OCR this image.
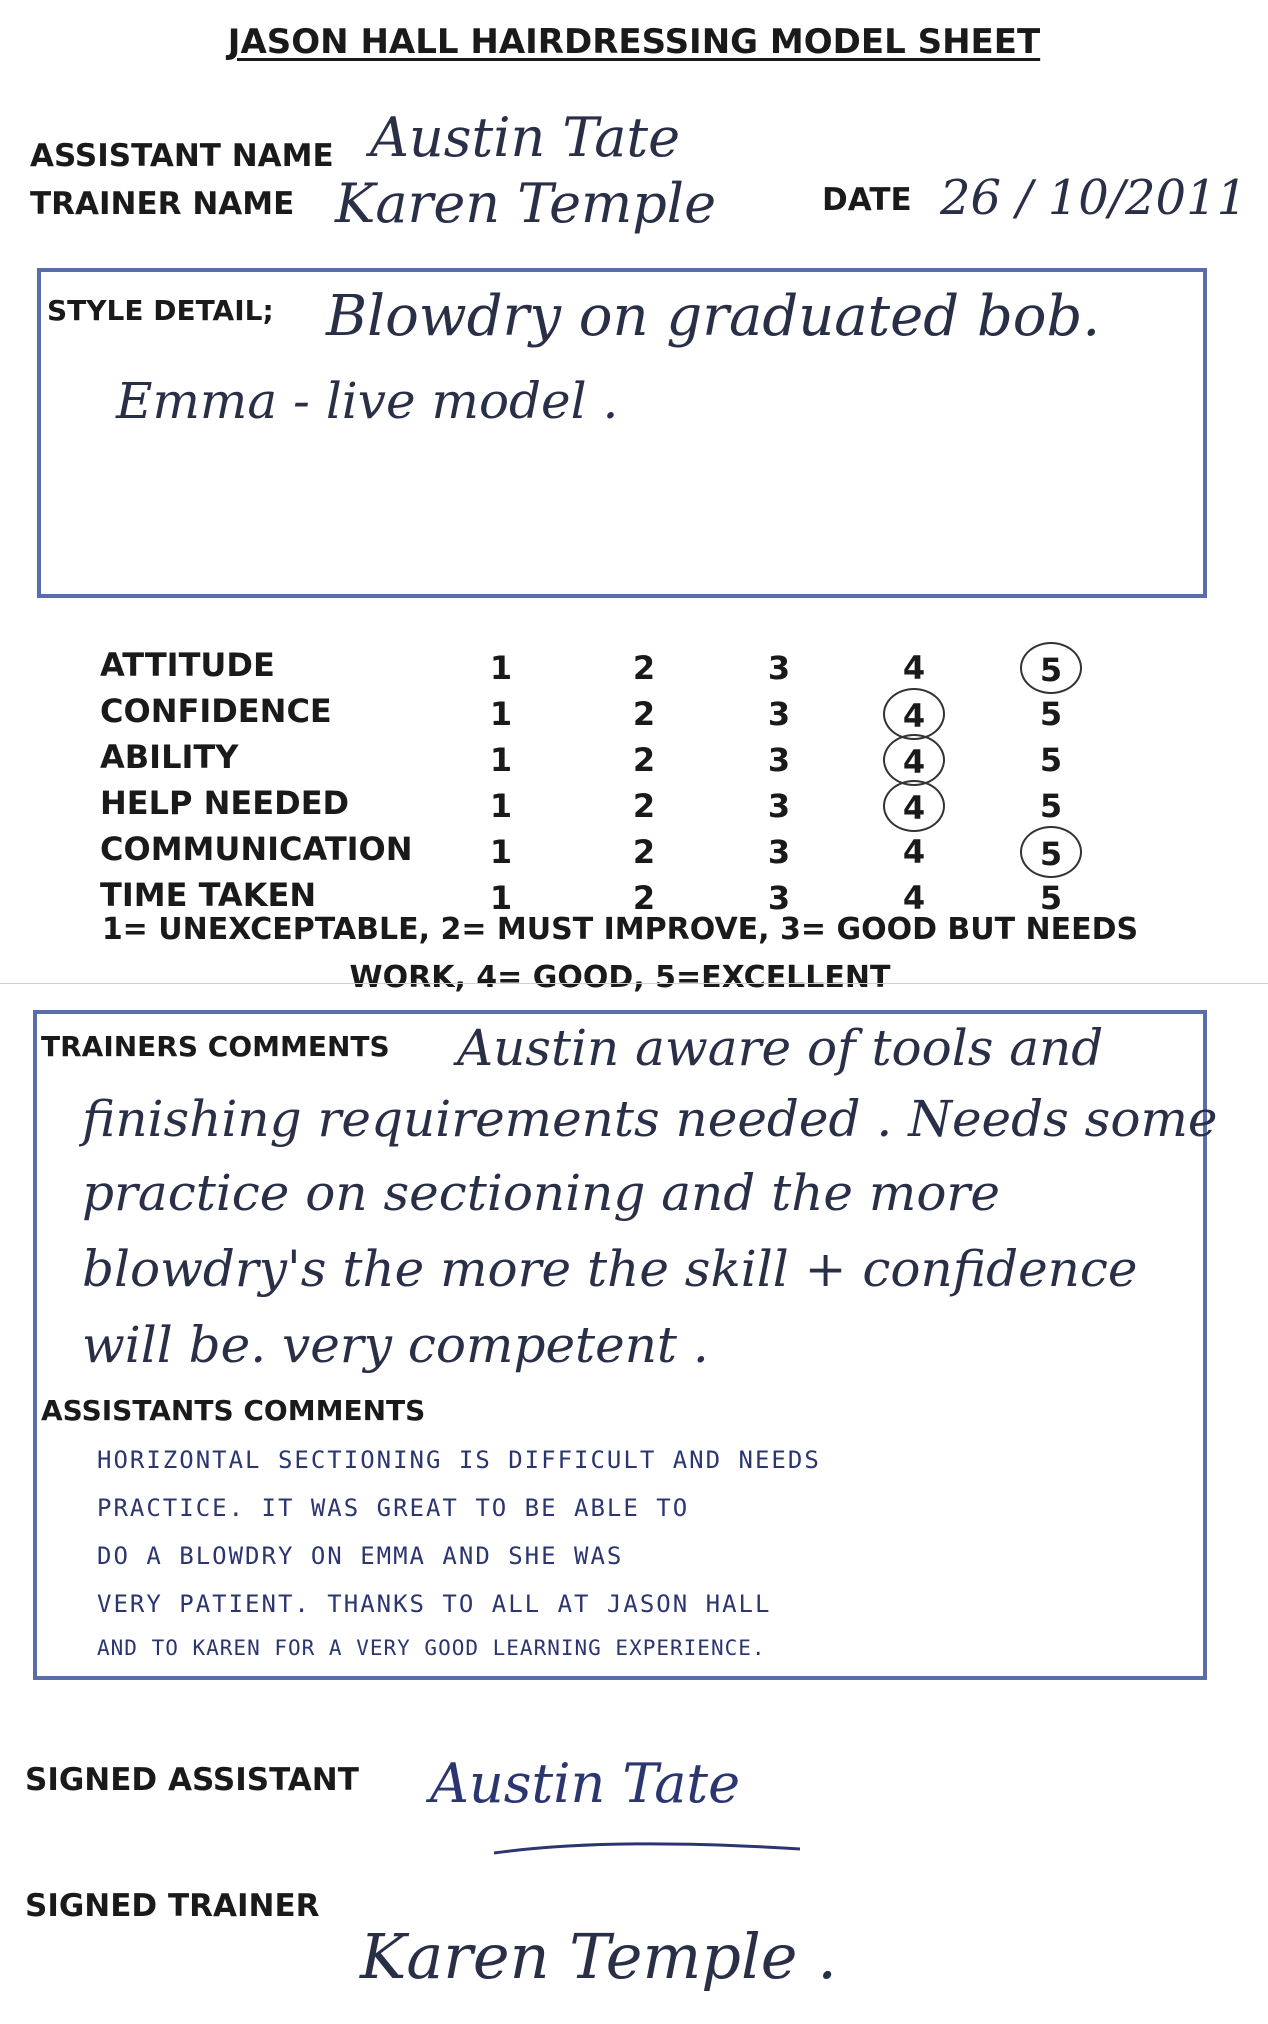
JASON HALL HAIRDRESSING MODEL SHEET
ASSISTANT NAME Austin Tate
TRAINER NAME Karen Temple	DATE 26 / 10/2011
STYLE DETAIL; Blowdry on graduated bob.
Emma - live model .
ATTITUDE	1	2	3	4	5
CONFIDENCE	1	2	3	4	5
ABILITY	1	2	3	4	5
HELP NEEDED	1	2	3	4	5
COMMUNICATION	1	2	3	4	5
TIME TAKEN	1	2	3	4	5
1= UNEXCEPTABLE, 2= MUST IMPROVE, 3= GOOD BUT NEEDS
WORK, 4= GOOD, 5=EXCELLENT
TRAINERS COMMENTS Austin aware of tools and
finishing requirements needed . Needs some
practice on sectioning and the more
blowdry's the more the skill + confidence
will be. very competent .
ASSISTANTS COMMENTS
HORIZONTAL SECTIONING IS DIFFICULT AND NEEDS
PRACTICE. IT WAS GREAT TO BE ABLE TO
DO A BLOWDRY ON EMMA AND SHE WAS
VERY PATIENT. THANKS TO ALL AT JASON HALL
AND TO KAREN FOR A VERY GOOD LEARNING EXPERIENCE.
SIGNED ASSISTANT Austin Tate
SIGNED TRAINER
Karen Temple .
